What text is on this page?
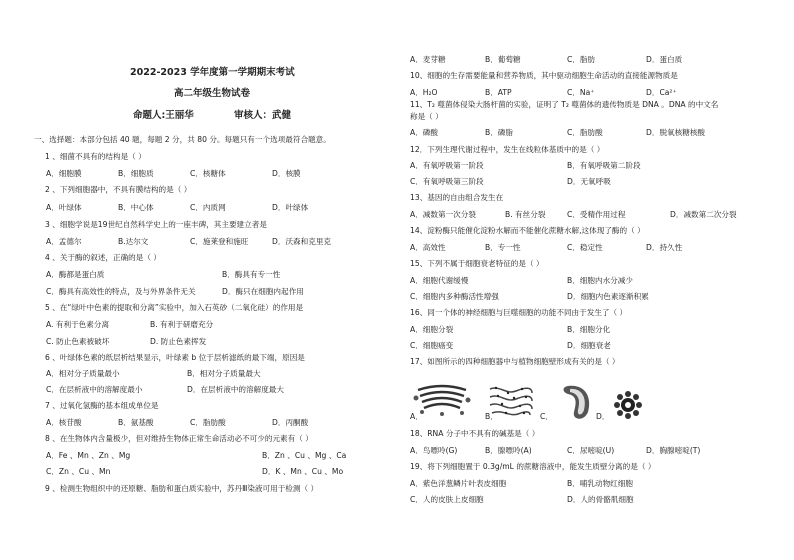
2022-2023 学年度第一学期期末考试
高二年级生物试卷
命题人:王丽华	审核人：武健
一、选择题：本部分包括 40 题，每题 2 分，共 80 分。每题只有一个选项最符合题意。
1 、细菌不具有的结构是（ ）
A．细胞膜	B．细胞质	C．核糖体	D．核膜
2 、下列细胞器中，不具有膜结构的是（ ）
A．叶绿体	B．中心体	C．内质网	D．叶绿体
3 、细胞学说是19世纪自然科学史上的一座丰碑，其主要建立者是
A．孟德尔	B.达尔文	C．施莱登和施旺	D．沃森和克里克
4 、关于酶的叙述，正确的是（ ）
A．酶都是蛋白质	B．酶具有专一性
C．酶具有高效性的特点，及与外界条件无关	D．酶只在细胞内起作用
5 、在“绿叶中色素的提取和分离”实验中，加入石英砂（二氧化硅）的作用是
A. 有利于色素分离	B. 有利于研磨充分
C. 防止色素被破坏	D. 防止色素挥发
6 、叶绿体色素的纸层析结果显示，叶绿素 b 位于层析滤纸的最下端，原因是
A．相对分子质量最小	B．相对分子质量最大
C．在层析液中的溶解度最小	D．在层析液中的溶解度最大
7 、过氧化氢酶的基本组成单位是
A．核苷酸	B．氨基酸	C．脂肪酸	D．丙酮酸
8 、在生物体内含量极少，但对维持生物体正常生命活动必不可少的元素有（ ）
A．Fe 、Mn 、Zn 、Mg	B．Zn 、Cu 、Mg 、Ca
C．Zn 、Cu 、Mn	D．K 、Mn 、Cu 、Mo
9 、检测生物组织中的还原糖、脂肪和蛋白质实验中，苏丹Ⅲ染液可用于检测（ ）
A．麦芽糖	B．葡萄糖	C．脂肪	D．蛋白质
10、细胞的生存需要能量和营养物质，其中驱动细胞生命活动的直接能源物质是
A．H₂O	B．ATP	C．Na⁺	D．Ca²⁺
11、T₂ 噬菌体侵染大肠杆菌的实验，证明了 T₂ 噬菌体的遗传物质是 DNA 。DNA 的中文名
称是（ ）
A．磷酸	B．磷脂	C．脂肪酸	D．脱氧核糖核酸
12．下列生理代谢过程中，发生在线粒体基质中的是（ ）
A．有氧呼吸第一阶段	B．有氧呼吸第二阶段
C．有氧呼吸第三阶段	D．无氧呼吸
13、基因的自由组合发生在
A．减数第一次分裂	B. 有丝分裂	C．受精作用过程	D．减数第二次分裂
14、淀粉酶只能催化淀粉水解而不能催化蔗糖水解,这体现了酶的（ ）
A．高效性	B．专一性	C．稳定性	D．持久性
15、下列不属于细胞衰老特征的是（ ）
A．细胞代谢缓慢	B．细胞内水分减少
C．细胞内多种酶活性增强	D．细胞内色素逐渐积累
16、同一个体的神经细胞与巨噬细胞的功能不同由于发生了（ ）
A．细胞分裂	B．细胞分化
C．细胞癌变	D．细胞衰老
17、如图所示的四种细胞器中与植物细胞壁形成有关的是（ ）
A．	B．	C．	D．
18、RNA 分子中不具有的碱基是（ ）
A．鸟嘌呤(G)	B．腺嘌呤(A)	C．尿嘧啶(U)	D．胸腺嘧啶(T)
19、将下列细胞置于 0.3g/mL 的蔗糖溶液中，能发生质壁分离的是（ ）
A．紫色洋葱鳞片叶表皮细胞	B．哺乳动物红细胞
C．人的皮肤上皮细胞	D．人的骨骼肌细胞
